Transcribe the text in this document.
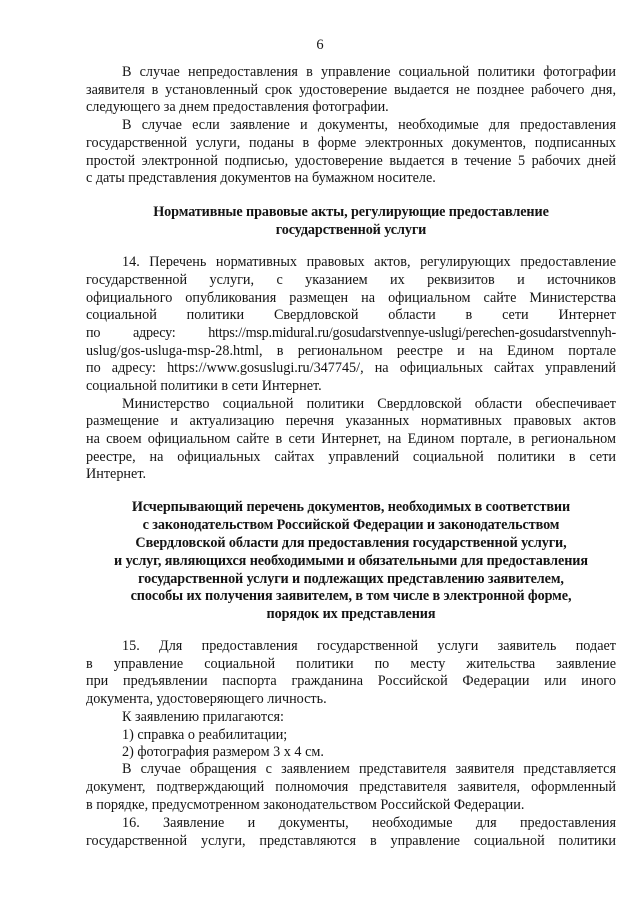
6
В случае непредоставления в управление социальной политики фотографии
заявителя в установленный срок удостоверение выдается не позднее рабочего дня,
следующего за днем предоставления фотографии.
В случае если заявление и документы, необходимые для предоставления
государственной услуги, поданы в форме электронных документов, подписанных
простой электронной подписью, удостоверение выдается в течение 5 рабочих дней
с даты представления документов на бумажном носителе.
Нормативные правовые акты, регулирующие предоставление
государственной услуги
14. Перечень нормативных правовых актов, регулирующих предоставление
государственной услуги, с указанием их реквизитов и источников
официального опубликования размещен на официальном сайте Министерства
социальной политики Свердловской области в сети Интернет
по адресу: https://msp.midural.ru/gosudarstvennye-uslugi/perechen-gosudarstvennyh-
uslug/gos-usluga-msp-28.html, в региональном реестре и на Едином портале
по адресу: https://www.gosuslugi.ru/347745/, на официальных сайтах управлений
социальной политики в сети Интернет.
Министерство социальной политики Свердловской области обеспечивает
размещение и актуализацию перечня указанных нормативных правовых актов
на своем официальном сайте в сети Интернет, на Едином портале, в региональном
реестре, на официальных сайтах управлений социальной политики в сети
Интернет.
Исчерпывающий перечень документов, необходимых в соответствии
с законодательством Российской Федерации и законодательством
Свердловской области для предоставления государственной услуги,
и услуг, являющихся необходимыми и обязательными для предоставления
государственной услуги и подлежащих представлению заявителем,
способы их получения заявителем, в том числе в электронной форме,
порядок их представления
15. Для предоставления государственной услуги заявитель подает
в управление социальной политики по месту жительства заявление
при предъявлении паспорта гражданина Российской Федерации или иного
документа, удостоверяющего личность.
К заявлению прилагаются:
1) справка о реабилитации;
2) фотография размером 3 х 4 см.
В случае обращения с заявлением представителя заявителя представляется
документ, подтверждающий полномочия представителя заявителя, оформленный
в порядке, предусмотренном законодательством Российской Федерации.
16. Заявление и документы, необходимые для предоставления
государственной услуги, представляются в управление социальной политики
